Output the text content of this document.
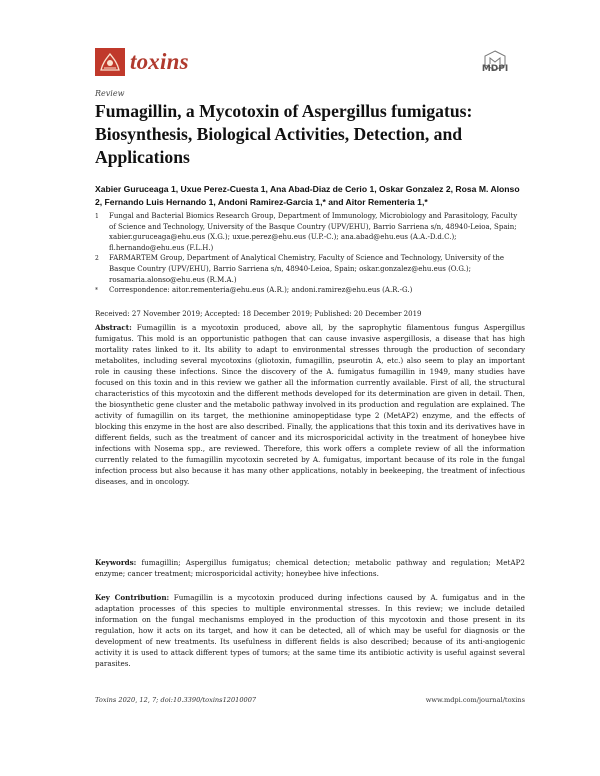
toxins	MDPI
Review
Fumagillin, a Mycotoxin of Aspergillus fumigatus: Biosynthesis, Biological Activities, Detection, and Applications
Xabier Guruceaga 1, Uxue Perez-Cuesta 1, Ana Abad-Diaz de Cerio 1, Oskar Gonzalez 2, Rosa M. Alonso 2, Fernando Luis Hernando 1, Andoni Ramirez-Garcia 1,* and Aitor Rementeria 1,*
1	Fungal and Bacterial Biomics Research Group, Department of Immunology, Microbiology and Parasitology, Faculty of Science and Technology, University of the Basque Country (UPV/EHU), Barrio Sarriena s/n, 48940-Leioa, Spain; xabier.guruceaga@ehu.eus (X.G.); uxue.perez@ehu.eus (U.P.-C.); ana.abad@ehu.eus (A.A.-D.d.C.); fl.hernando@ehu.eus (F.L.H.)
2	FARMARTEM Group, Department of Analytical Chemistry, Faculty of Science and Technology, University of the Basque Country (UPV/EHU), Barrio Sarriena s/n, 48940-Leioa, Spain; oskar.gonzalez@ehu.eus (O.G.); rosamaria.alonso@ehu.eus (R.M.A.)
*	Correspondence: aitor.rementeria@ehu.eus (A.R.); andoni.ramirez@ehu.eus (A.R.-G.)
Received: 27 November 2019; Accepted: 18 December 2019; Published: 20 December 2019
Abstract: Fumagillin is a mycotoxin produced, above all, by the saprophytic filamentous fungus Aspergillus fumigatus. This mold is an opportunistic pathogen that can cause invasive aspergillosis, a disease that has high mortality rates linked to it. Its ability to adapt to environmental stresses through the production of secondary metabolites, including several mycotoxins (gliotoxin, fumagillin, pseurotin A, etc.) also seem to play an important role in causing these infections. Since the discovery of the A. fumigatus fumagillin in 1949, many studies have focused on this toxin and in this review we gather all the information currently available. First of all, the structural characteristics of this mycotoxin and the different methods developed for its determination are given in detail. Then, the biosynthetic gene cluster and the metabolic pathway involved in its production and regulation are explained. The activity of fumagillin on its target, the methionine aminopeptidase type 2 (MetAP2) enzyme, and the effects of blocking this enzyme in the host are also described. Finally, the applications that this toxin and its derivatives have in different fields, such as the treatment of cancer and its microsporicidal activity in the treatment of honeybee hive infections with Nosema spp., are reviewed. Therefore, this work offers a complete review of all the information currently related to the fumagillin mycotoxin secreted by A. fumigatus, important because of its role in the fungal infection process but also because it has many other applications, notably in beekeeping, the treatment of infectious diseases, and in oncology.
Keywords: fumagillin; Aspergillus fumigatus; chemical detection; metabolic pathway and regulation; MetAP2 enzyme; cancer treatment; microsporicidal activity; honeybee hive infections.
Key Contribution: Fumagillin is a mycotoxin produced during infections caused by A. fumigatus and in the adaptation processes of this species to multiple environmental stresses. In this review; we include detailed information on the fungal mechanisms employed in the production of this mycotoxin and those present in its regulation, how it acts on its target, and how it can be detected, all of which may be useful for diagnosis or the development of new treatments. Its usefulness in different fields is also described; because of its anti-angiogenic activity it is used to attack different types of tumors; at the same time its antibiotic activity is useful against several parasites.
Toxins 2020, 12, 7; doi:10.3390/toxins12010007	www.mdpi.com/journal/toxins
